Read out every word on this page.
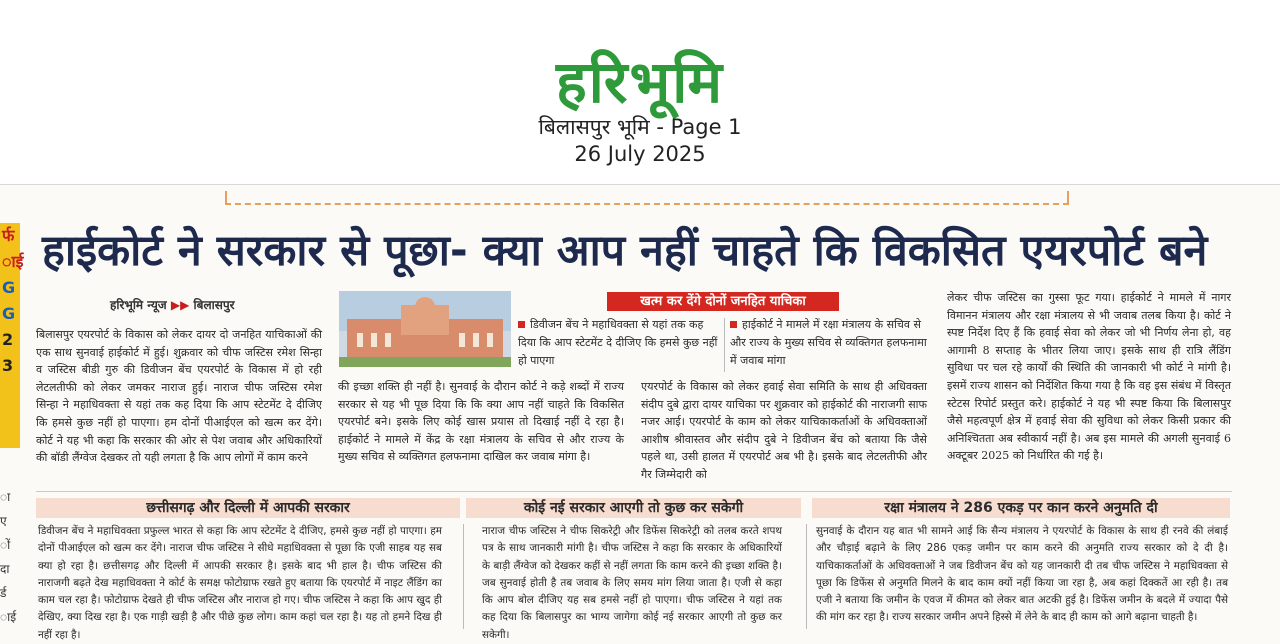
हरिभूमि
बिलासपुर भूमि - Page 1
26 July 2025
र्फ
ाई
G
G
2
3
ा
ए
ों
दा
र्ड
ाई
हाईकोर्ट ने सरकार से पूछा- क्या आप नहीं चाहते कि विकसित एयरपोर्ट बने
हरिभूमि न्यूज ▶▶ बिलासपुर
बिलासपुर एयरपोर्ट के विकास को लेकर दायर दो जनहित याचिकाओं की एक साथ सुनवाई हाईकोर्ट में हुई। शुक्रवार को चीफ जस्टिस रमेश सिन्हा व जस्टिस बीडी गुरु की डिवीजन बेंच एयरपोर्ट के विकास में हो रही लेटलतीफी को लेकर जमकर नाराज हुई। नाराज चीफ जस्टिस रमेश सिन्हा ने महाधिवक्ता से यहां तक कह दिया कि आप स्टेटमेंट दे दीजिए कि हमसे कुछ नहीं हो पाएगा। हम दोनों पीआईएल को खत्म कर देंगे। कोर्ट ने यह भी कहा कि सरकार की ओर से पेश जवाब और अधिकारियों की बॉडी लैंग्वेज देखकर तो यही लगता है कि आप लोगों में काम करने
खत्म कर देंगे दोनों जनहित याचिका
डिवीजन बेंच ने महाधिवक्ता से यहां तक कह दिया कि आप स्टेटमेंट दे दीजिए कि हमसे कुछ नहीं हो पाएगा
हाईकोर्ट ने मामले में रक्षा मंत्रालय के सचिव से और राज्य के मुख्य सचिव से व्यक्तिगत हलफनामा में जवाब मांगा
की इच्छा शक्ति ही नहीं है। सुनवाई के दौरान कोर्ट ने कड़े शब्दों में राज्य सरकार से यह भी पूछ दिया कि कि क्या आप नहीं चाहते कि विकसित एयरपोर्ट बने। इसके लिए कोई खास प्रयास तो दिखाई नहीं दे रहा है। हाईकोर्ट ने मामले में केंद्र के रक्षा मंत्रालय के सचिव से और राज्य के मुख्य सचिव से व्यक्तिगत हलफनामा दाखिल कर जवाब मांगा है।
एयरपोर्ट के विकास को लेकर हवाई सेवा समिति के साथ ही अधिवक्ता संदीप दुबे द्वारा दायर याचिका पर शुक्रवार को हाईकोर्ट की नाराजगी साफ नजर आई। एयरपोर्ट के काम को लेकर याचिकाकर्ताओं के अधिवक्ताओं आशीष श्रीवास्तव और संदीप दुबे ने डिवीजन बेंच को बताया कि जैसे पहले था, उसी हालत में एयरपोर्ट अब भी है। इसके बाद लेटलतीफी और गैर जिम्मेदारी को
लेकर चीफ जस्टिस का गुस्सा फूट गया। हाईकोर्ट ने मामले में नागर विमानन मंत्रालय और रक्षा मंत्रालय से भी जवाब तलब किया है। कोर्ट ने स्पष्ट निर्देश दिए हैं कि हवाई सेवा को लेकर जो भी निर्णय लेना हो, वह आगामी 8 सप्ताह के भीतर लिया जाए। इसके साथ ही रात्रि लैंडिंग सुविधा पर चल रहे कार्यों की स्थिति की जानकारी भी कोर्ट ने मांगी है। इसमें राज्य शासन को निर्देशित किया गया है कि वह इस संबंध में विस्तृत स्टेटस रिपोर्ट प्रस्तुत करे। हाईकोर्ट ने यह भी स्पष्ट किया कि बिलासपुर जैसे महत्वपूर्ण क्षेत्र में हवाई सेवा की सुविधा को लेकर किसी प्रकार की अनिश्चितता अब स्वीकार्य नहीं है। अब इस मामले की अगली सुनवाई 6 अक्टूबर 2025 को निर्धारित की गई है।
छत्तीसगढ़ और दिल्ली में आपकी सरकार	कोई नई सरकार आएगी तो कुछ कर सकेगी	रक्षा मंत्रालय ने 286 एकड़ पर कान करने अनुमति दी
डिवीजन बेंच ने महाधिवक्ता प्रफुल्ल भारत से कहा कि आप स्टेटमेंट दे दीजिए, हमसे कुछ नहीं हो पाएगा। हम दोनों पीआईएल को खत्म कर देंगे। नाराज चीफ जस्टिस ने सीधे महाधिवक्ता से पूछा कि एजी साहब यह सब क्या हो रहा है। छत्तीसगढ़ और दिल्ली में आपकी सरकार है। इसके बाद भी हाल है। चीफ जस्टिस की नाराजगी बढ़ते देख महाधिवक्ता ने कोर्ट के समक्ष फोटोग्राफ रखते हुए बताया कि एयरपोर्ट में नाइट लैंडिंग का काम चल रहा है। फोटोग्राफ देखते ही चीफ जस्टिस और नाराज हो गए। चीफ जस्टिस ने कहा कि आप खुद ही देखिए, क्या दिख रहा है। एक गाड़ी खड़ी है और पीछे कुछ लोग। काम कहां चल रहा है। यह तो हमने दिख ही नहीं रहा है।
नाराज चीफ जस्टिस ने चीफ सिकरेट्री और डिफेंस सिकरेट्री को तलब करते शपथ पत्र के साथ जानकारी मांगी है। चीफ जस्टिस ने कहा कि सरकार के अधिकारियों के बाड़ी लैंग्वेज को देखकर कहीं से नहीं लगता कि काम करने की इच्छा शक्ति है। जब सुनवाई होती है तब जवाब के लिए समय मांग लिया जाता है। एजी से कहा कि आप बोल दीजिए यह सब हमसे नहीं हो पाएगा। चीफ जस्टिस ने यहां तक कह दिया कि बिलासपुर का भाग्य जागेगा कोई नई सरकार आएगी तो कुछ कर सकेगी।
सुनवाई के दौरान यह बात भी सामने आई कि सैन्य मंत्रालय ने एयरपोर्ट के विकास के साथ ही रनवे की लंबाई और चौड़ाई बढ़ाने के लिए 286 एकड़ जमीन पर काम करने की अनुमति राज्य सरकार को दे दी है। याचिकाकर्ताओं के अधिवक्ताओं ने जब डिवीजन बेंच को यह जानकारी दी तब चीफ जस्टिस ने महाधिवक्ता से पूछा कि डिफेंस से अनुमति मिलने के बाद काम क्यों नहीं किया जा रहा है, अब कहां दिक्कतें आ रही है। तब एजी ने बताया कि जमीन के एवज में कीमत को लेकर बात अटकी हुई है। डिफेंस जमीन के बदले में ज्यादा पैसे की मांग कर रहा है। राज्य सरकार जमीन अपने हिस्से में लेने के बाद ही काम को आगे बढ़ाना चाहती है।
